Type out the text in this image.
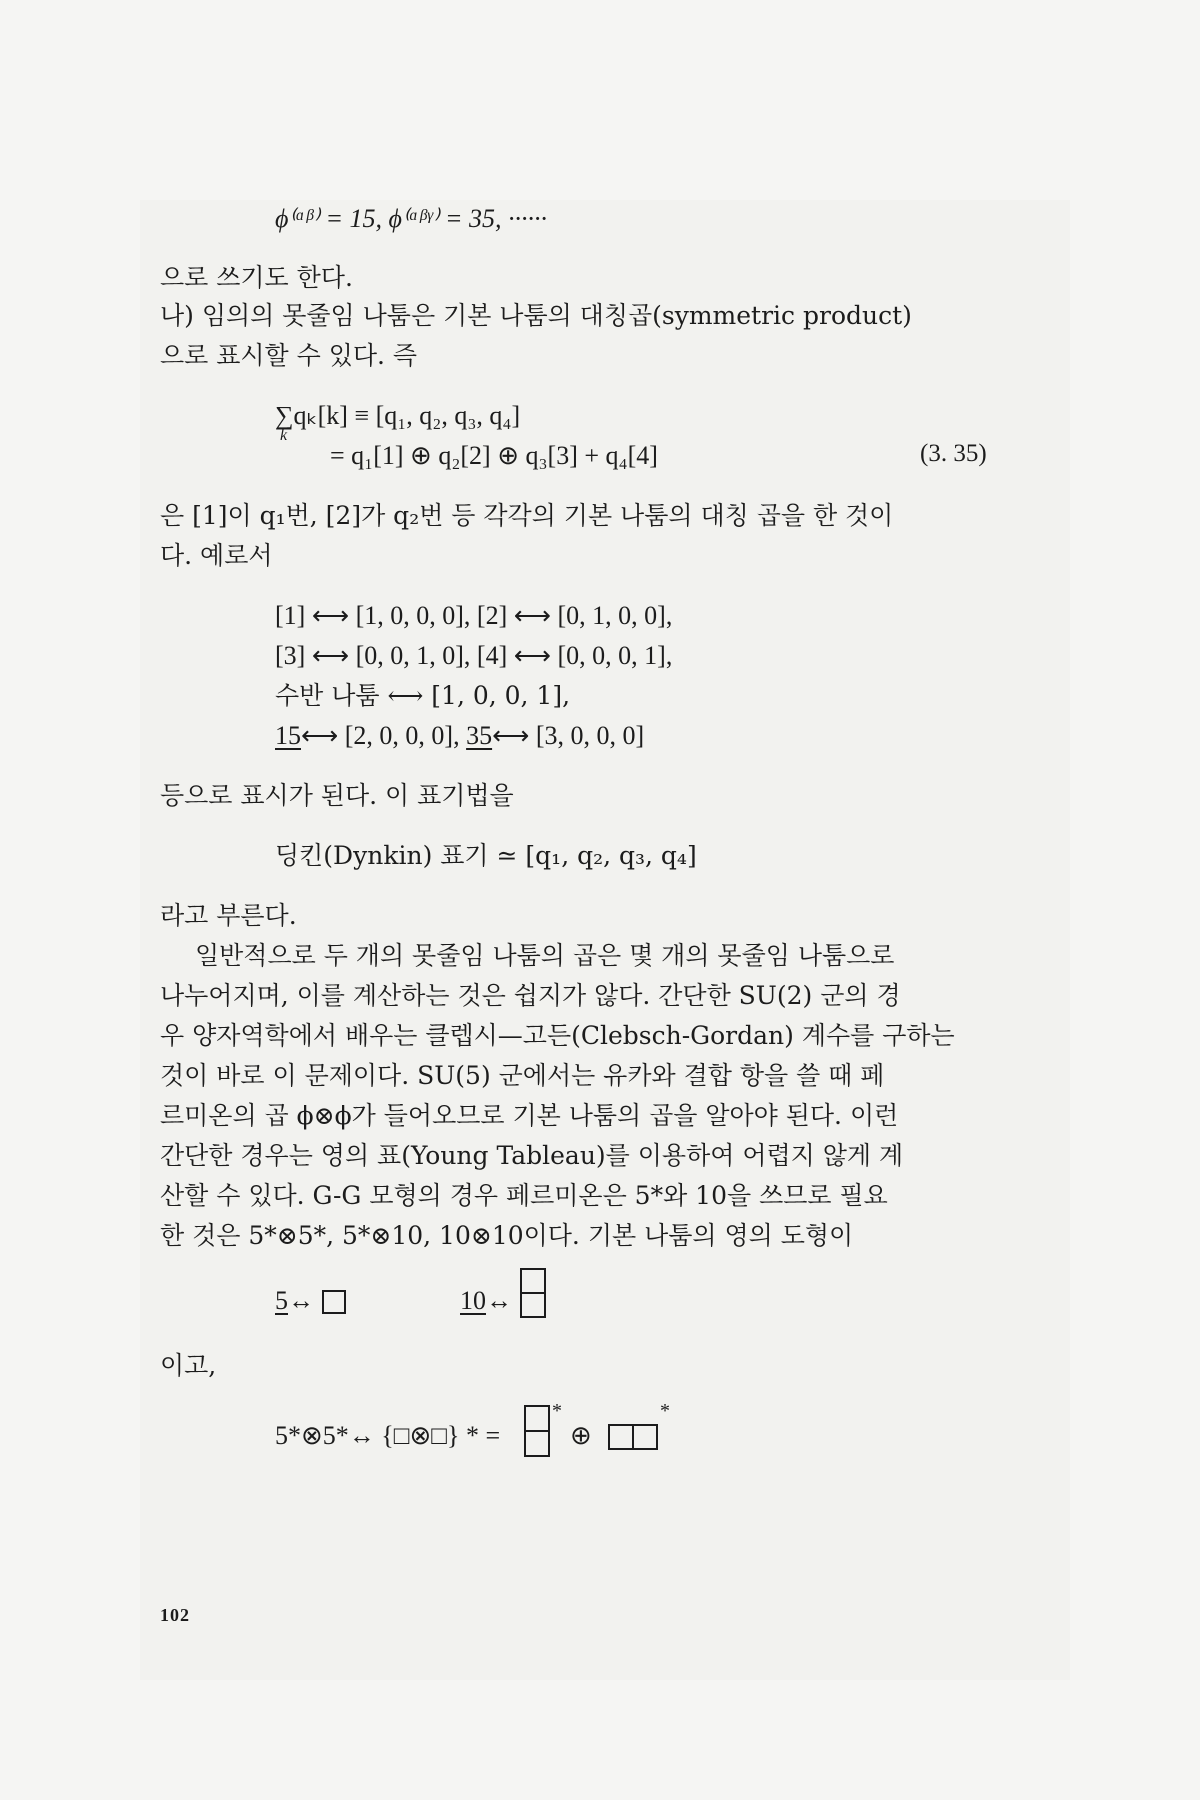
ϕ⁽ᵅᵝ⁾ = 15, ϕ⁽ᵅᵝᵞ⁾ = 35, ······
으로 쓰기도 한다.
나) 임의의 못줄임 나툼은 기본 나툼의 대칭곱(symmetric product)
으로 표시할 수 있다. 즉
∑qₖ[k] ≡ [q₁, q₂, q₃, q₄]
k
= q₁[1] ⊕ q₂[2] ⊕ q₃[3] + q₄[4]	(3. 35)
은 [1]이 q₁번, [2]가 q₂번 등 각각의 기본 나툼의 대칭 곱을 한 것이
다. 예로서
[1] ⟷ [1, 0, 0, 0], [2] ⟷ [0, 1, 0, 0],
[3] ⟷ [0, 0, 1, 0], [4] ⟷ [0, 0, 0, 1],
수반 나툼 ⟷ [1, 0, 0, 1],
15⟷ [2, 0, 0, 0], 35⟷ [3, 0, 0, 0]
등으로 표시가 된다. 이 표기법을
딩킨(Dynkin) 표기 ≃ [q₁, q₂, q₃, q₄]
라고 부른다.
일반적으로 두 개의 못줄임 나툼의 곱은 몇 개의 못줄임 나툼으로
나누어지며, 이를 계산하는 것은 쉽지가 않다. 간단한 SU(2) 군의 경
우 양자역학에서 배우는 클렙시—고든(Clebsch-Gordan) 계수를 구하는
것이 바로 이 문제이다. SU(5) 군에서는 유카와 결합 항을 쓸 때 페
르미온의 곱 ϕ⊗ϕ가 들어오므로 기본 나툼의 곱을 알아야 된다. 이런
간단한 경우는 영의 표(Young Tableau)를 이용하여 어렵지 않게 계
산할 수 있다. G-G 모형의 경우 페르미온은 5*와 10을 쓰므로 필요
한 것은 5*⊗5*, 5*⊗10, 10⊗10이다. 기본 나툼의 영의 도형이
5↔	10↔
이고,
5*⊗5*↔ {□⊗□} * =
*
⊕
*
102
